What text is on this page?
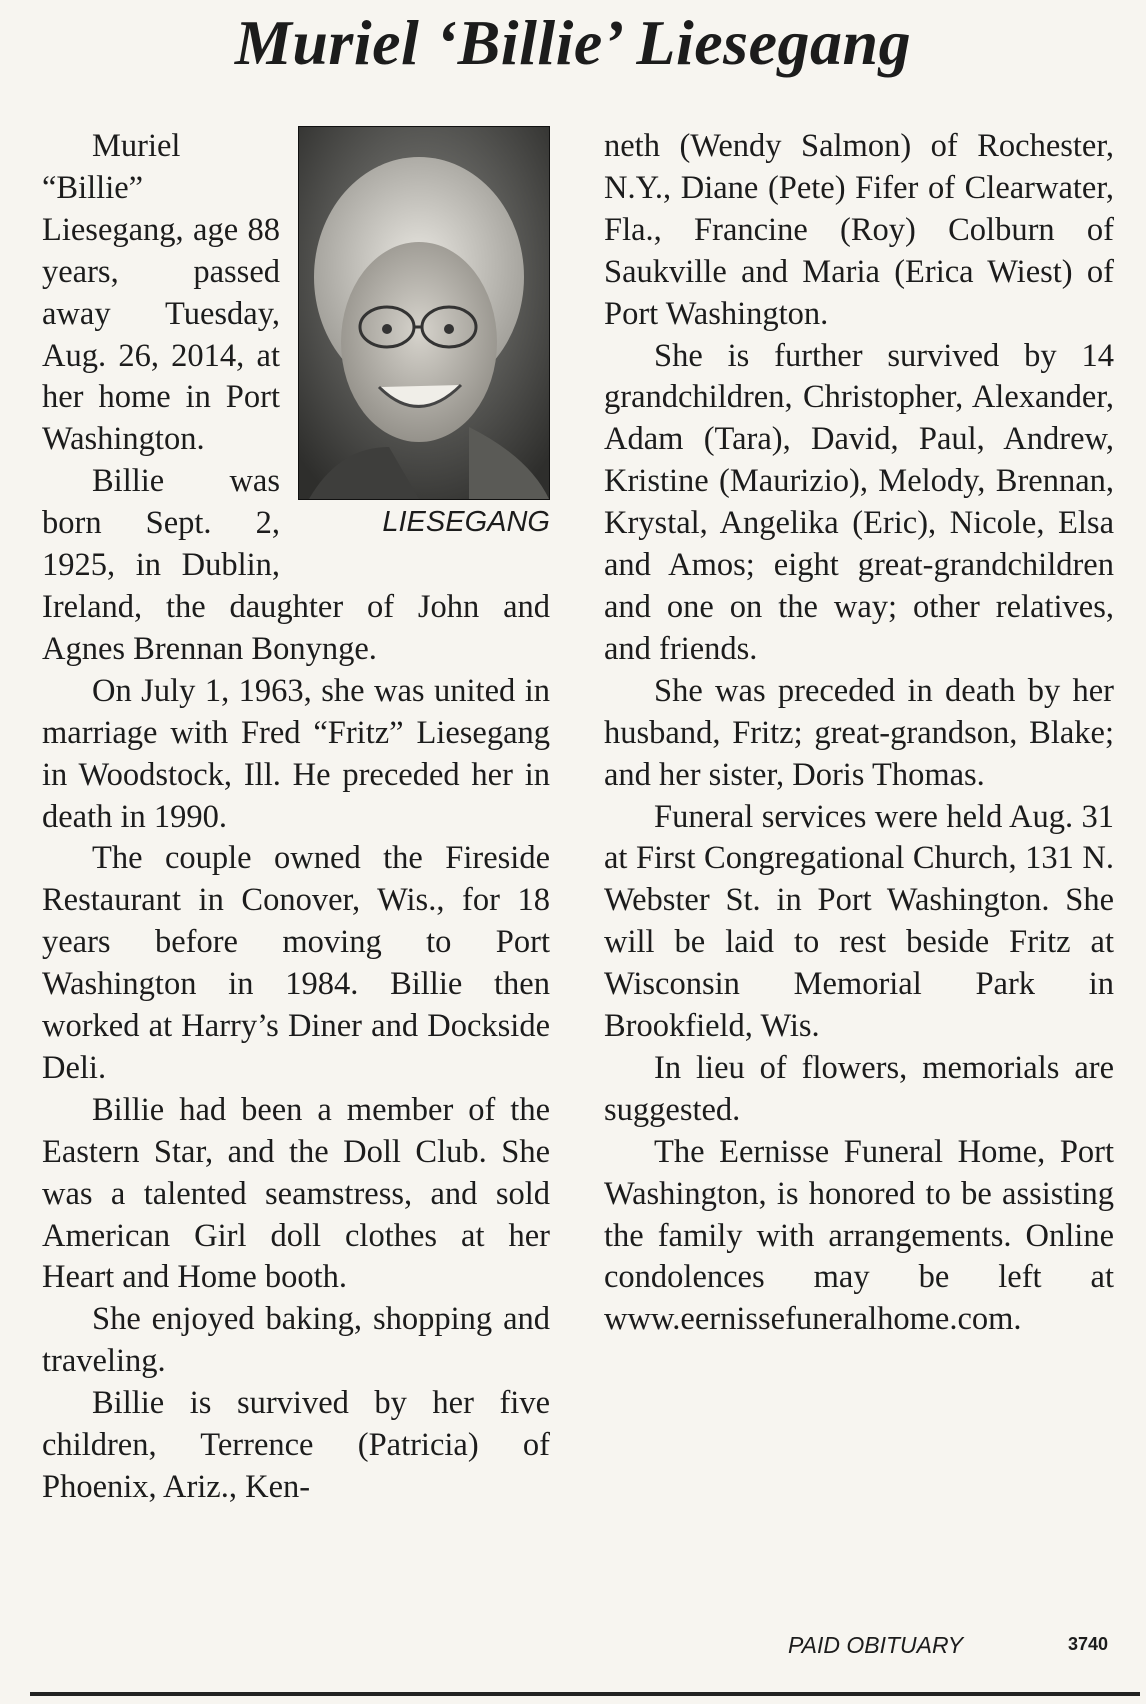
Muriel ‘Billie’ Liesegang
LIESEGANG

Muriel “Billie” Liesegang, age 88 years, passed away Tuesday, Aug. 26, 2014, at her home in Port Washington.

Billie was born Sept. 2, 1925, in Dublin, Ireland, the daughter of John and Agnes Brennan Bonynge.

On July 1, 1963, she was united in marriage with Fred “Fritz” Liesegang in Woodstock, Ill. He preceded her in death in 1990.

The couple owned the Fireside Restaurant in Conover, Wis., for 18 years before moving to Port Washington in 1984. Billie then worked at Harry’s Diner and Dockside Deli.

Billie had been a member of the Eastern Star, and the Doll Club. She was a talented seamstress, and sold American Girl doll clothes at her Heart and Home booth.

She enjoyed baking, shopping and traveling.

Billie is survived by her five children, Terrence (Patricia) of Phoenix, Ariz., Ken-

neth (Wendy Salmon) of Rochester, N.Y., Diane (Pete) Fifer of Clearwater, Fla., Francine (Roy) Colburn of Saukville and Maria (Erica Wiest) of Port Washington.

She is further survived by 14 grandchildren, Christopher, Alexander, Adam (Tara), David, Paul, Andrew, Kristine (Maurizio), Melody, Brennan, Krystal, Angelika (Eric), Nicole, Elsa and Amos; eight great-grandchildren and one on the way; other relatives, and friends.

She was preceded in death by her husband, Fritz; great-grandson, Blake; and her sister, Doris Thomas.

Funeral services were held Aug. 31 at First Congregational Church, 131 N. Webster St. in Port Washington. She will be laid to rest beside Fritz at Wisconsin Memorial Park in Brookfield, Wis.

In lieu of flowers, memorials are suggested.

The Eernisse Funeral Home, Port Washington, is honored to be assisting the family with arrangements. Online condolences may be left at www.eernissefuneralhome.com.

PAID OBITUARY	3740
